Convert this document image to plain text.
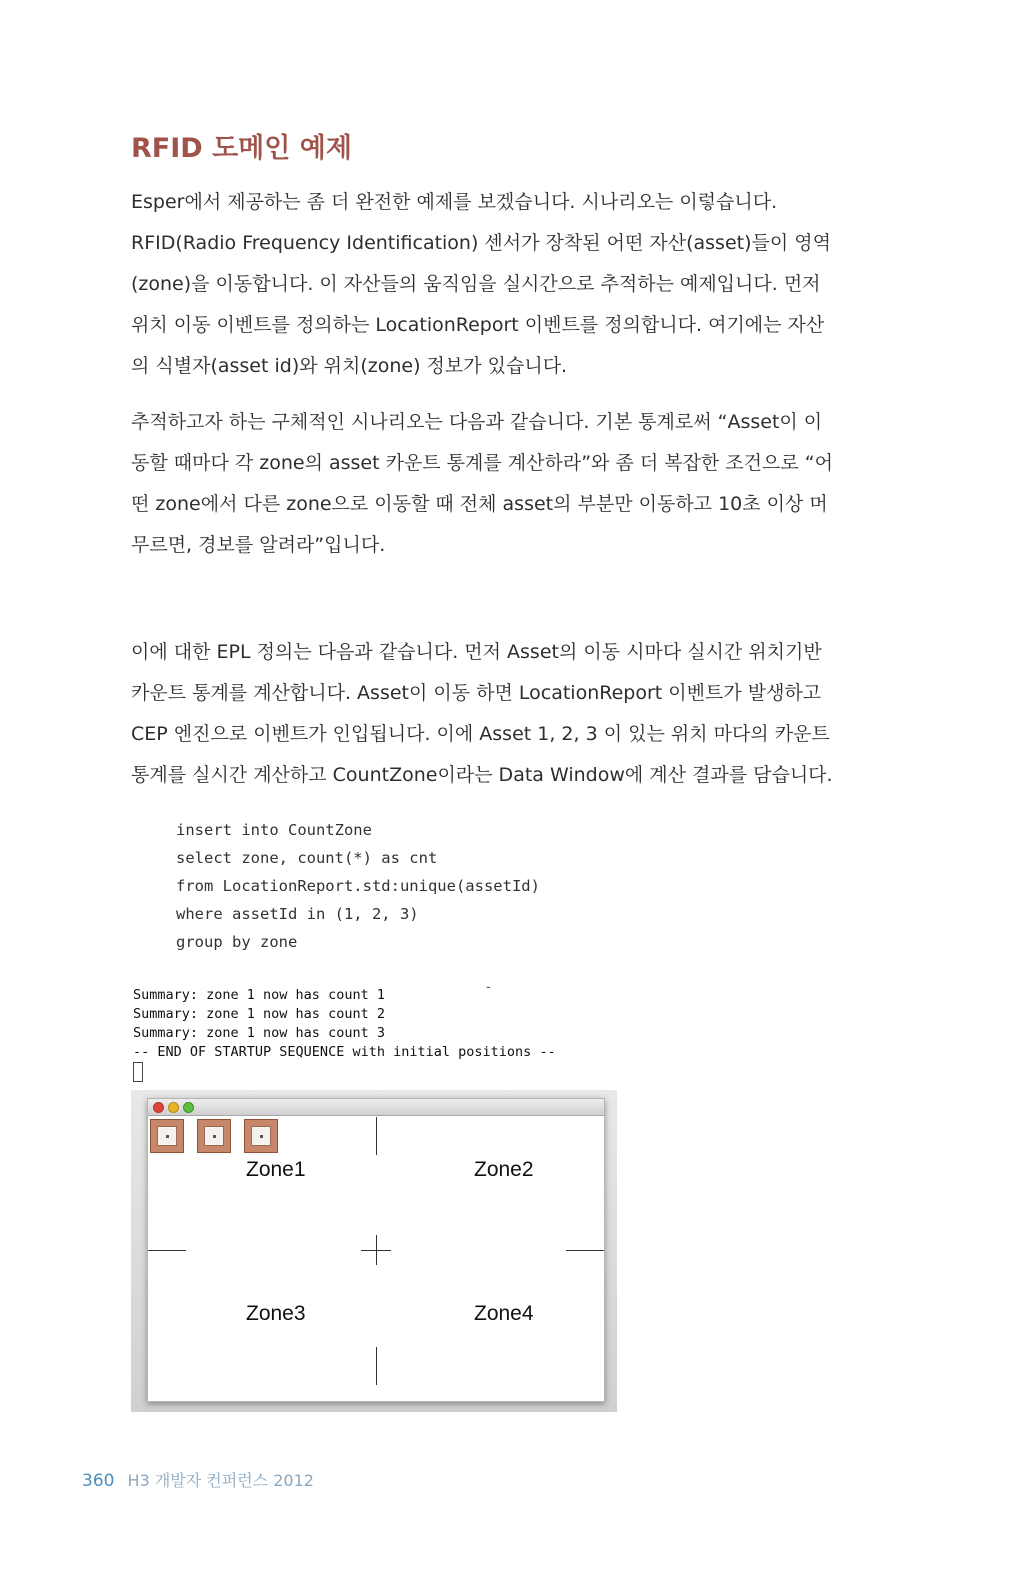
RFID 도메인 예제
Esper에서 제공하는 좀 더 완전한 예제를 보겠습니다. 시나리오는 이렇습니다.
RFID(Radio Frequency Identification) 센서가 장착된 어떤 자산(asset)들이 영역
(zone)을 이동합니다. 이 자산들의 움직임을 실시간으로 추적하는 예제입니다. 먼저
위치 이동 이벤트를 정의하는 LocationReport 이벤트를 정의합니다. 여기에는 자산
의 식별자(asset id)와 위치(zone) 정보가 있습니다.
추적하고자 하는 구체적인 시나리오는 다음과 같습니다. 기본 통계로써 “Asset이 이
동할 때마다 각 zone의 asset 카운트 통계를 계산하라”와 좀 더 복잡한 조건으로 “어
떤 zone에서 다른 zone으로 이동할 때 전체 asset의 부분만 이동하고 10초 이상 머
무르면, 경보를 알려라”입니다.
이에 대한 EPL 정의는 다음과 같습니다. 먼저 Asset의 이동 시마다 실시간 위치기반
카운트 통계를 계산합니다. Asset이 이동 하면 LocationReport 이벤트가 발생하고
CEP 엔진으로 이벤트가 인입됩니다. 이에 Asset 1, 2, 3 이 있는 위치 마다의 카운트
통계를 실시간 계산하고 CountZone이라는 Data Window에 계산 결과를 담습니다.
insert into CountZone
select zone, count(*) as cnt
from LocationReport.std:unique(assetId)
where assetId in (1, 2, 3)
group by zone
-
Summary: zone 1 now has count 1
Summary: zone 1 now has count 2
Summary: zone 1 now has count 3
-- END OF STARTUP SEQUENCE with initial positions --
Zone1	Zone2
Zone3	Zone4
360 H3 개발자 컨퍼런스 2012
